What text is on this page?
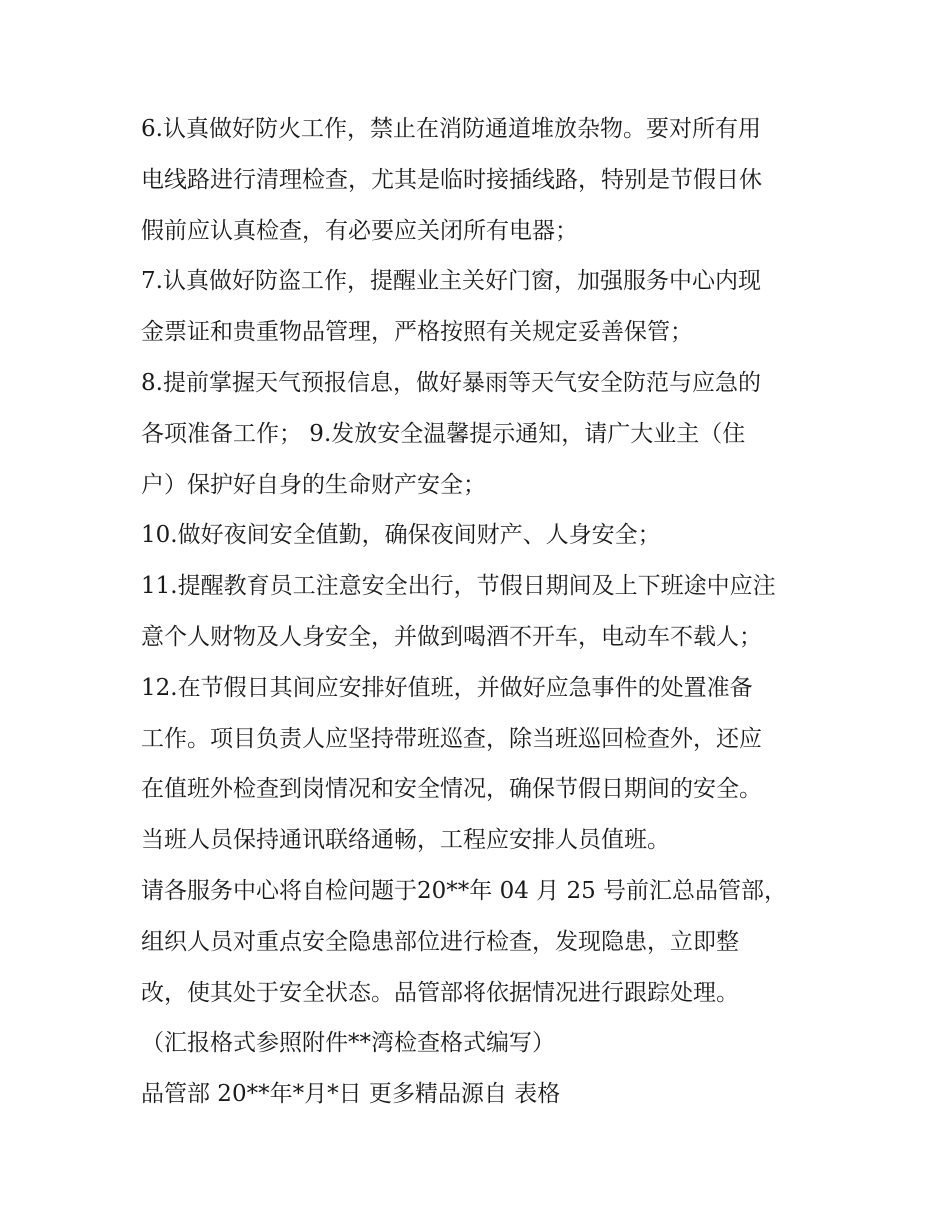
6.认真做好防火工作，禁止在消防通道堆放杂物。要对所有用
电线路进行清理检查，尤其是临时接插线路，特别是节假日休
假前应认真检查，有必要应关闭所有电器；
7.认真做好防盗工作，提醒业主关好门窗，加强服务中心内现
金票证和贵重物品管理，严格按照有关规定妥善保管；
8.提前掌握天气预报信息，做好暴雨等天气安全防范与应急的
各项准备工作； 9.发放安全温馨提示通知，请广大业主（住
户）保护好自身的生命财产安全；
10.做好夜间安全值勤，确保夜间财产、人身安全；
11.提醒教育员工注意安全出行，节假日期间及上下班途中应注
意个人财物及人身安全，并做到喝酒不开车，电动车不载人；
12.在节假日其间应安排好值班，并做好应急事件的处置准备
工作。项目负责人应坚持带班巡查，除当班巡回检查外，还应
在值班外检查到岗情况和安全情况，确保节假日期间的安全。
当班人员保持通讯联络通畅，工程应安排人员值班。
请各服务中心将自检问题于20**年 04 月 25 号前汇总品管部，
组织人员对重点安全隐患部位进行检查，发现隐患，立即整
改，使其处于安全状态。品管部将依据情况进行跟踪处理。
（汇报格式参照附件**湾检查格式编写）
品管部 20**年*月*日 更多精品源自 表格
